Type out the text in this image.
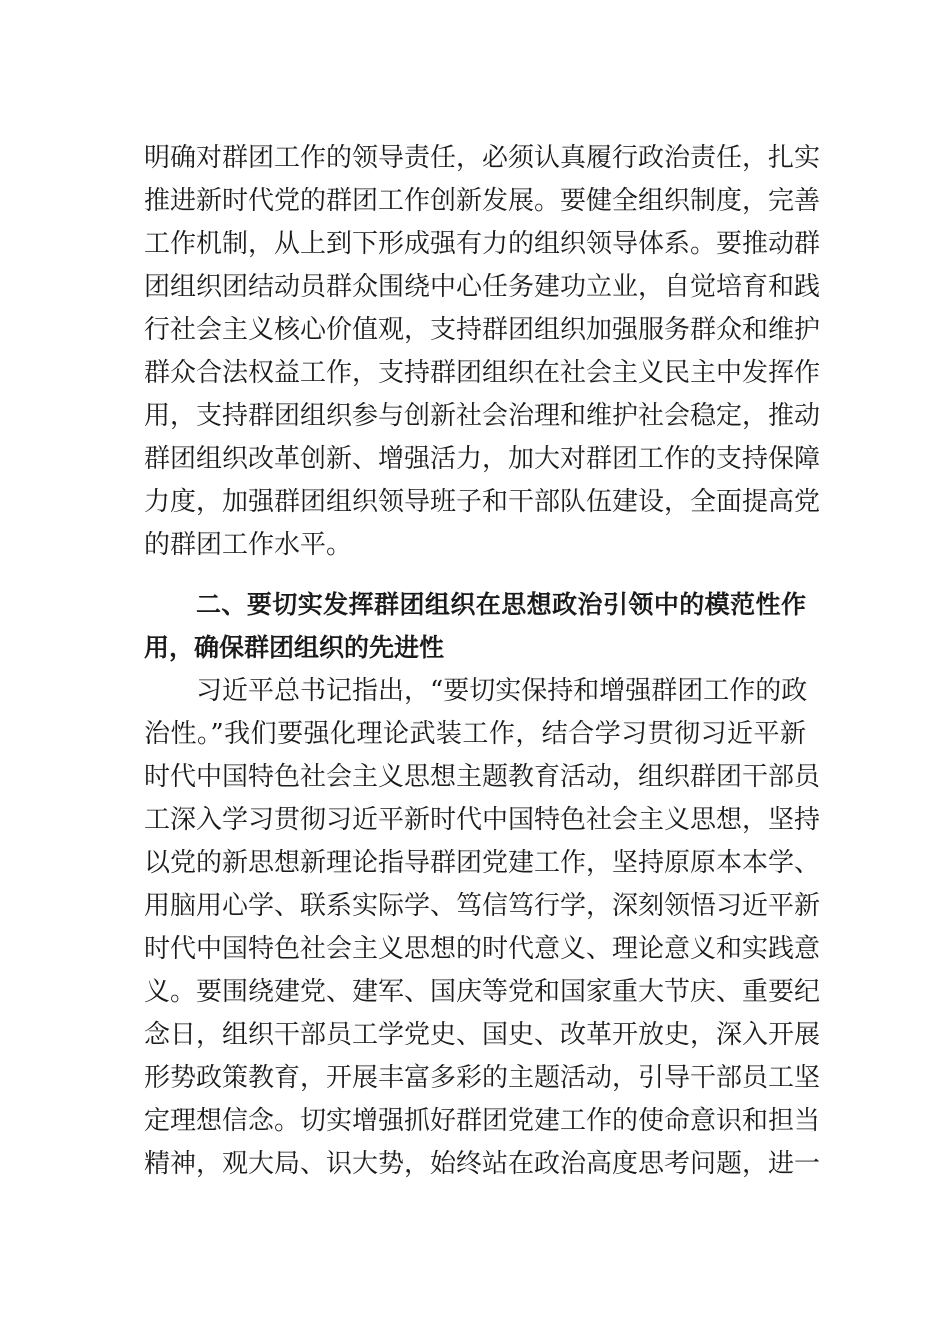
明确对群团工作的领导责任，必须认真履行政治责任，扎实
推进新时代党的群团工作创新发展。要健全组织制度，完善
工作机制，从上到下形成强有力的组织领导体系。要推动群
团组织团结动员群众围绕中心任务建功立业，自觉培育和践
行社会主义核心价值观，支持群团组织加强服务群众和维护
群众合法权益工作，支持群团组织在社会主义民主中发挥作
用，支持群团组织参与创新社会治理和维护社会稳定，推动
群团组织改革创新、增强活力，加大对群团工作的支持保障
力度，加强群团组织领导班子和干部队伍建设，全面提高党
的群团工作水平。
二、要切实发挥群团组织在思想政治引领中的模范性作
用，确保群团组织的先进性
习近平总书记指出，“要切实保持和增强群团工作的政
治性。”我们要强化理论武装工作，结合学习贯彻习近平新
时代中国特色社会主义思想主题教育活动，组织群团干部员
工深入学习贯彻习近平新时代中国特色社会主义思想，坚持
以党的新思想新理论指导群团党建工作，坚持原原本本学、
用脑用心学、联系实际学、笃信笃行学，深刻领悟习近平新
时代中国特色社会主义思想的时代意义、理论意义和实践意
义。要围绕建党、建军、国庆等党和国家重大节庆、重要纪
念日，组织干部员工学党史、国史、改革开放史，深入开展
形势政策教育，开展丰富多彩的主题活动，引导干部员工坚
定理想信念。切实增强抓好群团党建工作的使命意识和担当
精神，观大局、识大势，始终站在政治高度思考问题，进一
